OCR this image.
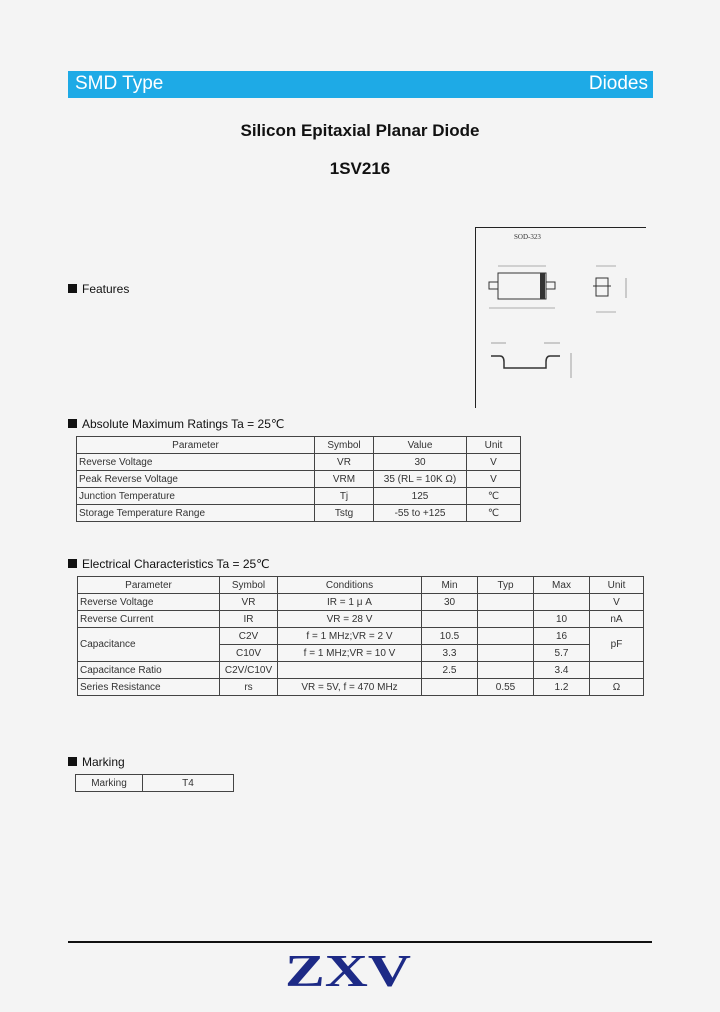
SMD Type	Diodes
Silicon Epitaxial Planar Diode
1SV216
Features
SOD-323
Absolute Maximum Ratings Ta = 25℃
Parameter	Symbol	Value	Unit
Reverse Voltage	VR	30	V
Peak Reverse Voltage	VRM	35 (RL = 10K Ω)	V
Junction Temperature	Tj	125	℃
Storage Temperature Range	Tstg	-55 to +125	℃
Electrical Characteristics Ta = 25℃
Parameter	Symbol	Conditions	Min	Typ	Max	Unit
Reverse Voltage	VR	IR = 1 μ A	30			V
Reverse Current	IR	VR = 28 V			10	nA
Capacitance	C2V	f = 1 MHz;VR = 2 V	10.5		16	pF
	C10V	f = 1 MHz;VR = 10 V	3.3		5.7	
Capacitance Ratio	C2V/C10V		2.5		3.4	
Series Resistance	rs	VR = 5V, f = 470 MHz		0.55	1.2	Ω
Marking
Marking	T4
ZXV
